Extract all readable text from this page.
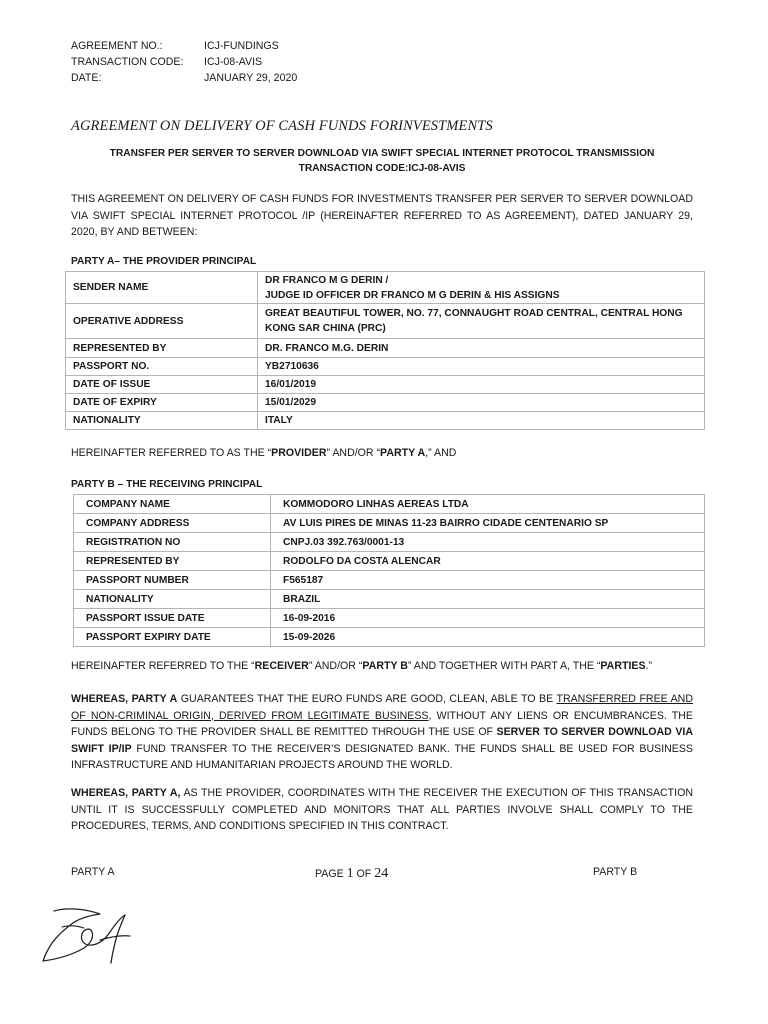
AGREEMENT NO.:	ICJ-FUNDINGS
TRANSACTION CODE:	ICJ-08-AVIS
DATE:	JANUARY 29, 2020
AGREEMENT ON DELIVERY OF CASH FUNDS FORINVESTMENTS
TRANSFER PER SERVER TO SERVER DOWNLOAD VIA SWIFT SPECIAL INTERNET PROTOCOL TRANSMISSION
TRANSACTION CODE:ICJ-08-AVIS
THIS AGREEMENT ON DELIVERY OF CASH FUNDS FOR INVESTMENTS TRANSFER PER SERVER TO SERVER DOWNLOAD VIA SWIFT SPECIAL INTERNET PROTOCOL /IP (HEREINAFTER REFERRED TO AS AGREEMENT), DATED JANUARY 29, 2020, BY AND BETWEEN:
PARTY A– THE PROVIDER PRINCIPAL
SENDER NAME	DR FRANCO M G DERIN /
JUDGE ID OFFICER DR FRANCO M G DERIN & HIS ASSIGNS

OPERATIVE ADDRESS	GREAT BEAUTIFUL TOWER, NO. 77, CONNAUGHT ROAD CENTRAL, CENTRAL HONG
KONG SAR CHINA (PRC)

REPRESENTED BY	DR. FRANCO M.G. DERIN
PASSPORT NO.	YB2710636
DATE OF ISSUE	16/01/2019
DATE OF EXPIRY	15/01/2029
NATIONALITY	ITALY
HEREINAFTER REFERRED TO AS THE “PROVIDER” AND/OR “PARTY A,” AND
PARTY B – THE RECEIVING PRINCIPAL
COMPANY NAME	KOMMODORO LINHAS AEREAS LTDA
COMPANY ADDRESS	AV LUIS PIRES DE MINAS 11-23 BAIRRO CIDADE CENTENARIO SP
REGISTRATION NO	CNPJ.03 392.763/0001-13
REPRESENTED BY	RODOLFO DA COSTA ALENCAR
PASSPORT NUMBER	F565187
NATIONALITY	BRAZIL
PASSPORT ISSUE DATE	16-09-2016
PASSPORT EXPIRY DATE	15-09-2026
HEREINAFTER REFERRED TO THE “RECEIVER” AND/OR “PARTY B” AND TOGETHER WITH PART A, THE “PARTIES.”
WHEREAS, PARTY A GUARANTEES THAT THE EURO FUNDS ARE GOOD, CLEAN, ABLE TO BE TRANSFERRED FREE AND OF NON-CRIMINAL ORIGIN, DERIVED FROM LEGITIMATE BUSINESS, WITHOUT ANY LIENS OR ENCUMBRANCES. THE FUNDS BELONG TO THE PROVIDER SHALL BE REMITTED THROUGH THE USE OF SERVER TO SERVER DOWNLOAD VIA SWIFT IP/IP FUND TRANSFER TO THE RECEIVER’S DESIGNATED BANK. THE FUNDS SHALL BE USED FOR BUSINESS INFRASTRUCTURE AND HUMANITARIAN PROJECTS AROUND THE WORLD.
WHEREAS, PARTY A, AS THE PROVIDER, COORDINATES WITH THE RECEIVER THE EXECUTION OF THIS TRANSACTION UNTIL IT IS SUCCESSFULLY COMPLETED AND MONITORS THAT ALL PARTIES INVOLVE SHALL COMPLY TO THE PROCEDURES, TERMS, AND CONDITIONS SPECIFIED IN THIS CONTRACT.
PARTY A	PAGE 1 OF 24	PARTY B
